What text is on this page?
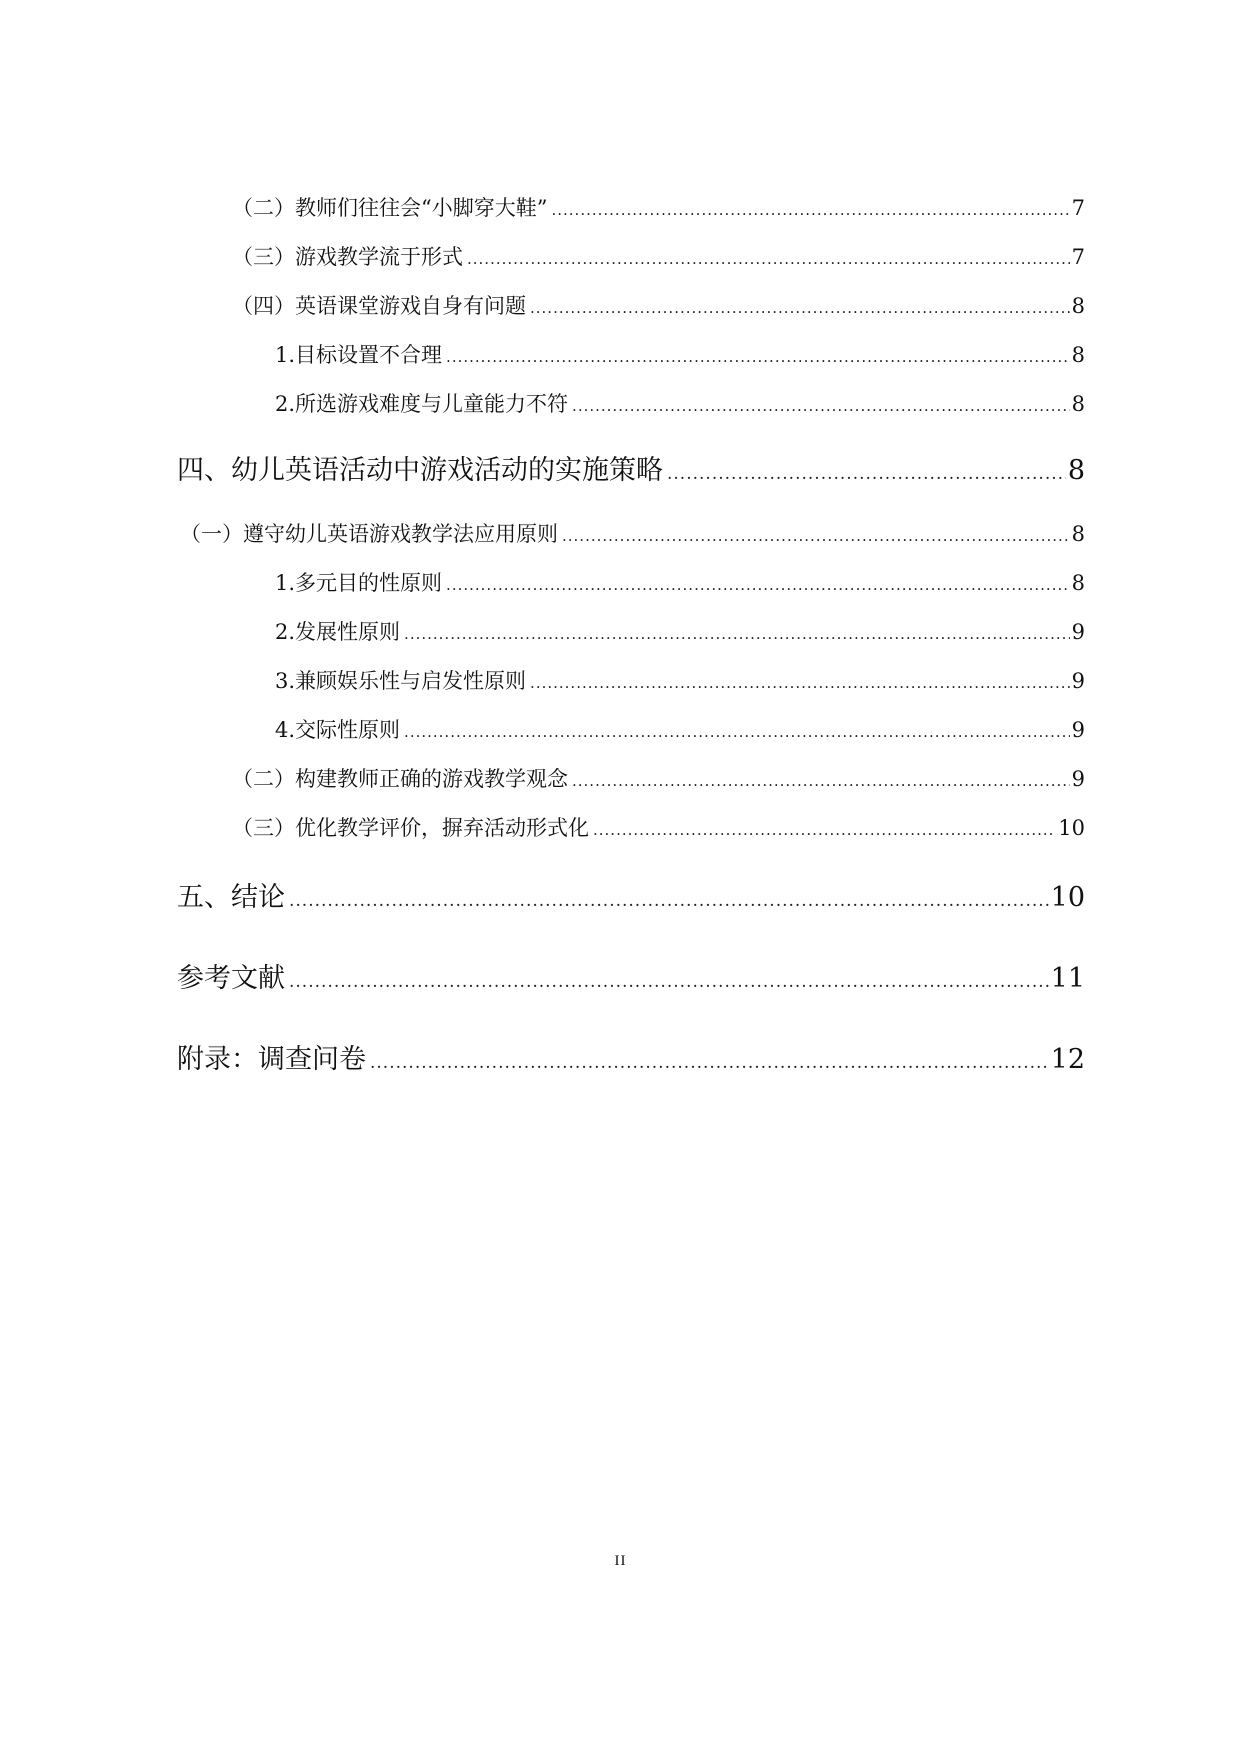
（二）教师们往往会“小脚穿大鞋” .....	7
（三）游戏教学流于形式 .....	7
（四）英语课堂游戏自身有问题 .....	8
1.目标设置不合理 .....	8
2.所选游戏难度与儿童能力不符 .....	8
四、幼儿英语活动中游戏活动的实施策略 .....	8
（一）遵守幼儿英语游戏教学法应用原则 .....	8
1.多元目的性原则 .....	8
2.发展性原则 .....	9
3.兼顾娱乐性与启发性原则 .....	9
4.交际性原则 .....	9
（二）构建教师正确的游戏教学观念 .....	9
（三）优化教学评价，摒弃活动形式化 .....	10
五、结论 .....	10
参考文献 .....	11
附录：调查问卷 .....	12
II
